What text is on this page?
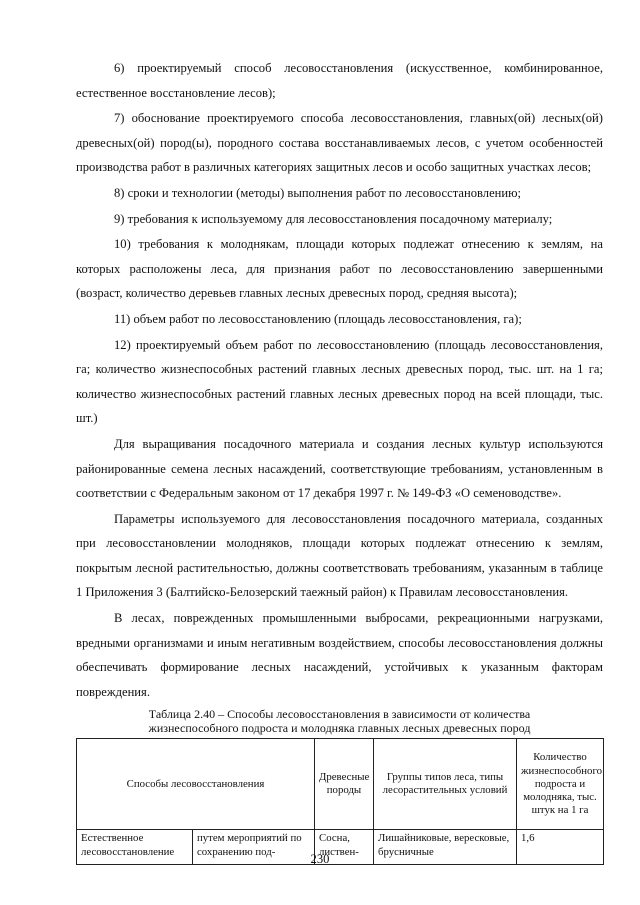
6) проектируемый способ лесовосстановления (искусственное, комбинированное, естественное восстановление лесов);

7) обоснование проектируемого способа лесовосстановления, главных(ой) лесных(ой) древесных(ой) пород(ы), породного состава восстанавливаемых лесов, с учетом особенностей производства работ в различных категориях защитных лесов и особо защитных участках лесов;

8) сроки и технологии (методы) выполнения работ по лесовосстановлению;

9) требования к используемому для лесовосстановления посадочному материалу;

10) требования к молоднякам, площади которых подлежат отнесению к землям, на которых расположены леса, для признания работ по лесовосстановлению завершенными (возраст, количество деревьев главных лесных древесных пород, средняя высота);

11) объем работ по лесовосстановлению (площадь лесовосстановления, га);

12) проектируемый объем работ по лесовосстановлению (площадь лесовосстановления, га; количество жизнеспособных растений главных лесных древесных пород, тыс. шт. на 1 га; количество жизнеспособных растений главных лесных древесных пород на всей площади, тыс. шт.)

Для выращивания посадочного материала и создания лесных культур используются районированные семена лесных насаждений, соответствующие требованиям, установленным в соответствии с Федеральным законом от 17 декабря 1997 г. № 149-ФЗ «О семеноводстве».

Параметры используемого для лесовосстановления посадочного материала, созданных при лесовосстановлении молодняков, площади которых подлежат отнесению к землям, покрытым лесной растительностью, должны соответствовать требованиям, указанным в таблице 1 Приложения 3 (Балтийско-Белозерский таежный район) к Правилам лесовосстановления.

В лесах, поврежденных промышленными выбросами, рекреационными нагрузками, вредными организмами и иным негативным воздействием, способы лесовосстановления должны обеспечивать формирование лесных насаждений, устойчивых к указанным факторам повреждения.

Таблица 2.40 – Способы лесовосстановления в зависимости от количества жизнеспособного подроста и молодняка главных лесных древесных пород
Способы лесовосстановления		Древесные породы	Группы типов леса, типы лесорастительных условий	Количество жизнеспособного подроста и молодняка, тыс. штук на 1 га
Естественное лесовосстановление	путем мероприятий по сохранению под-	Сосна, листвен-	Лишайниковые, вересковые, брусничные	1,6
230
